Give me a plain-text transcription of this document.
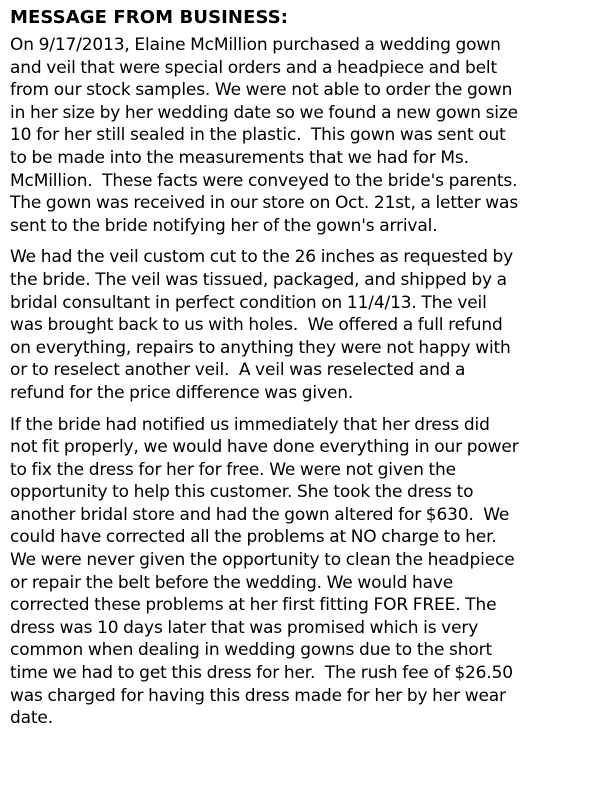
MESSAGE FROM BUSINESS:
On 9/17/2013, Elaine McMillion purchased a wedding gown
and veil that were special orders and a headpiece and belt
from our stock samples. We were not able to order the gown
in her size by her wedding date so we found a new gown size
10 for her still sealed in the plastic.  This gown was sent out
to be made into the measurements that we had for Ms.
McMillion.  These facts were conveyed to the bride's parents.
The gown was received in our store on Oct. 21st, a letter was
sent to the bride notifying her of the gown's arrival.
We had the veil custom cut to the 26 inches as requested by
the bride. The veil was tissued, packaged, and shipped by a
bridal consultant in perfect condition on 11/4/13. The veil
was brought back to us with holes.  We offered a full refund
on everything, repairs to anything they were not happy with
or to reselect another veil.  A veil was reselected and a
refund for the price difference was given.
If the bride had notified us immediately that her dress did
not fit properly, we would have done everything in our power
to fix the dress for her for free. We were not given the
opportunity to help this customer. She took the dress to
another bridal store and had the gown altered for $630.  We
could have corrected all the problems at NO charge to her.
We were never given the opportunity to clean the headpiece
or repair the belt before the wedding. We would have
corrected these problems at her first fitting FOR FREE. The
dress was 10 days later that was promised which is very
common when dealing in wedding gowns due to the short
time we had to get this dress for her.  The rush fee of $26.50
was charged for having this dress made for her by her wear
date.
